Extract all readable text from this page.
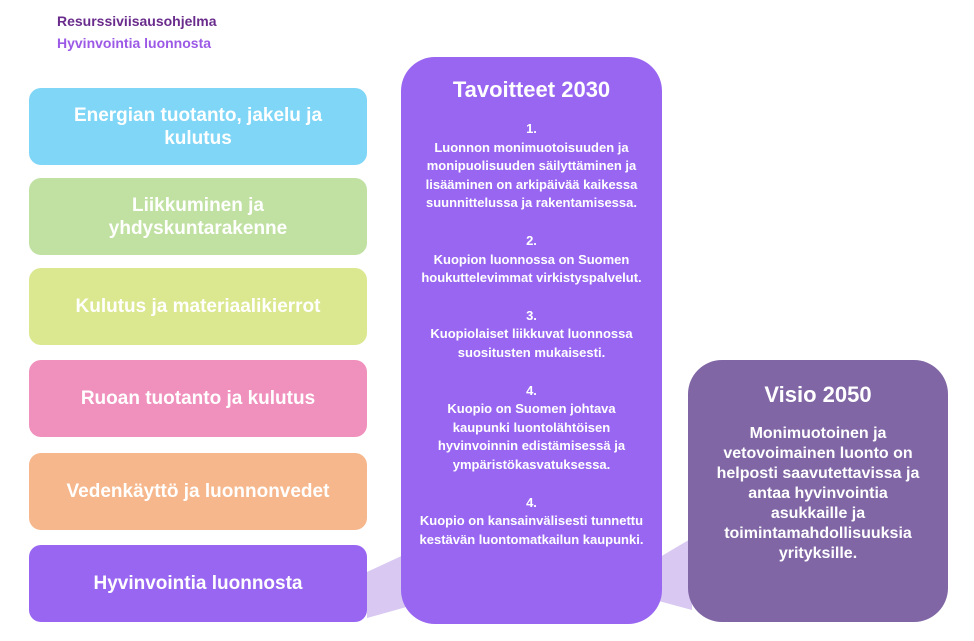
Resurssiviisausohjelma
Hyvinvointia luonnosta
Energian tuotanto, jakelu ja kulutus
Liikkuminen ja yhdyskuntarakenne
Kulutus ja materiaalikierrot
Ruoan tuotanto ja kulutus
Vedenkäyttö ja luonnonvedet
Hyvinvointia luonnosta
Tavoitteet 2030
1.
Luonnon monimuotoisuuden ja monipuolisuuden säilyttäminen ja lisääminen on arkipäivää kaikessa suunnittelussa ja rakentamisessa.
2.
Kuopion luonnossa on Suomen houkuttelevimmat virkistyspalvelut.
3.
Kuopiolaiset liikkuvat luonnossa suositusten mukaisesti.
4.
Kuopio on Suomen johtava kaupunki luontolähtöisen hyvinvoinnin edistämisessä ja ympäristökasvatuksessa.
4.
Kuopio on kansainvälisesti tunnettu kestävän luontomatkailun kaupunki.
Visio 2050
Monimuotoinen ja vetovoimainen luonto on helposti saavutettavissa ja antaa hyvinvointia asukkaille ja toimintamahdollisuuksia yrityksille.
